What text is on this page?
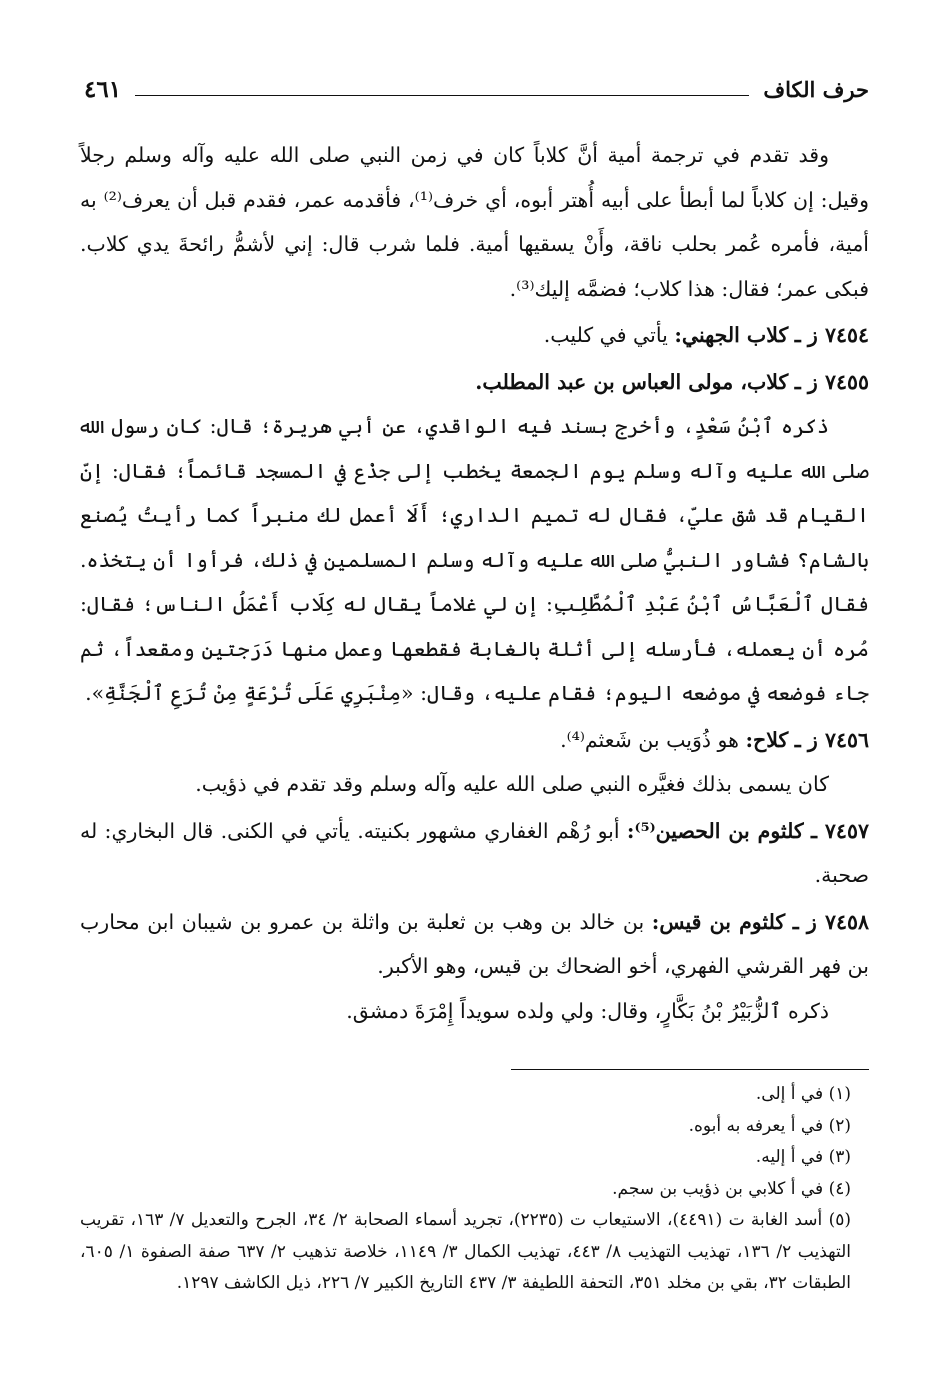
حرف الكاف
٤٦١

وقد تقدم في ترجمة أمية أنَّ كلاباً كان في زمن النبي صلى الله عليه وآله وسلم رجلاً وقيل: إن كلاباً لما أبطأ على أبيه أُهتر أبوه، أي خرف⁽¹⁾، فأقدمه عمر، فقدم قبل أن يعرف⁽²⁾ به أمية، فأمره عُمر بحلب ناقة، وأَنْ يسقيها أمية. فلما شرب قال: إني لأشمُّ رائحةَ يدي كلاب. فبكى عمر؛ فقال: هذا كلاب؛ فضمَّه إليك⁽³⁾.

٧٤٥٤ ز ـ كلاب الجهني: يأتي في كليب.

٧٤٥٥ ز ـ كلاب، مولى العباس بن عبد المطلب.

ذكره ٱبْنُ سَعْدٍ، وأخرج بسند فيه الواقدي، عن أبي هريرة؛ قال: كان رسول الله صلى الله عليه وآله وسلم يوم الجمعة يخطب إلى جذْع في المسجد قائماً؛ فقال: إنّ القيام قد شق عليّ، فقال له تميم الداري؛ أَلَا أعمل لك منبراً كما رأيتُ يُصنع بالشام؟ فشاور النبيُّ صلى الله عليه وآله وسلم المسلمين في ذلك، فرأوا أن يتخذه. فقال ٱلْعَبَّاسُ ٱبْنُ عَبْدِ ٱلْمُطَّلِبِ: إن لي غلاماً يقال له كِلَاب أَعْمَلُ الناس؛ فقال: مُره أن يعمله، فأرسله إلى أثلة بالغابة فقطعها وعمل منها دَرَجتين ومقعداً، ثم جاء فوضعه في موضعه اليوم؛ فقام عليه، وقال: «مِنْبَرِي عَلَى تُرْعَةٍ مِنْ تُرَعِ ٱلْجَنَّةِ».

٧٤٥٦ ز ـ كلاح: هو ذُوَيب بن شَعثم⁽⁴⁾.

كان يسمى بذلك فغيَّره النبي صلى الله عليه وآله وسلم وقد تقدم في ذؤيب.

٧٤٥٧ ـ كلثوم بن الحصين⁽⁵⁾: أبو رُهْم الغفاري مشهور بكنيته. يأتي في الكنى. قال البخاري: له صحبة.

٧٤٥٨ ز ـ كلثوم بن قيس: بن خالد بن وهب بن ثعلبة بن واثلة بن عمرو بن شيبان ابن محارب بن فهر القرشي الفهري، أخو الضحاك بن قيس، وهو الأكبر.

ذكره ٱلزُّبَيْرُ بْنُ بَكَّارٍ، وقال: ولي ولده سويداً إِمْرَةَ دمشق.

(١) في أ إلى.

(٢) في أ يعرفه به أبوه.

(٣) في أ إليه.

(٤) في أ كلابي بن ذؤيب بن سجم.

(٥) أسد الغابة ت (٤٤٩١)، الاستيعاب ت (٢٢٣٥)، تجريد أسماء الصحابة ٢/ ٣٤، الجرح والتعديل ٧/ ١٦٣، تقريب التهذيب ٢/ ١٣٦، تهذيب التهذيب ٨/ ٤٤٣، تهذيب الكمال ٣/ ١١٤٩، خلاصة تذهيب ٢/ ٦٣٧ صفة الصفوة ١/ ٦٠٥، الطبقات ٣٢، بقي بن مخلد ٣٥١، التحفة اللطيفة ٣/ ٤٣٧ التاريخ الكبير ٧/ ٢٢٦، ذيل الكاشف ١٢٩٧.
